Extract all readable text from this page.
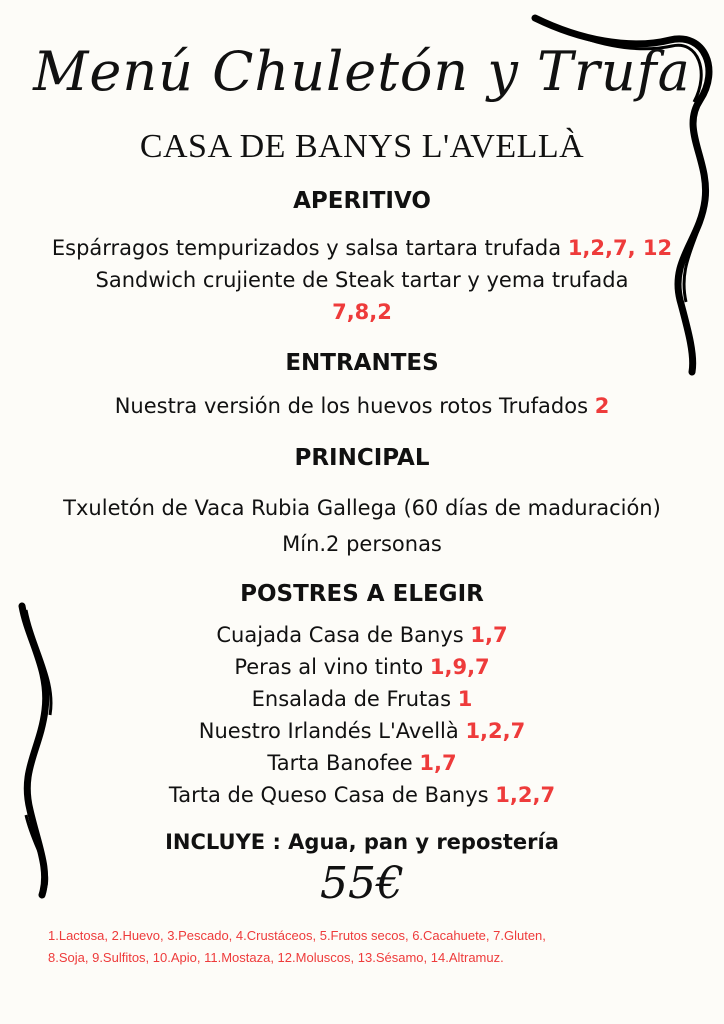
Menú Chuletón y Trufa
CASA DE BANYS L'AVELLÀ
APERITIVO
Espárragos tempurizados y salsa tartara trufada 1,2,7, 12
Sandwich crujiente de Steak tartar y yema trufada
7,8,2
ENTRANTES
Nuestra versión de los huevos rotos Trufados 2
PRINCIPAL
Txuletón de Vaca Rubia Gallega (60 días de maduración)
Mín.2 personas
POSTRES A ELEGIR
Cuajada Casa de Banys 1,7
Peras al vino tinto 1,9,7
Ensalada de Frutas 1
Nuestro Irlandés L'Avellà 1,2,7
Tarta Banofee 1,7
Tarta de Queso Casa de Banys 1,2,7
INCLUYE : Agua, pan y repostería
55€
1.Lactosa, 2.Huevo, 3.Pescado, 4.Crustáceos, 5.Frutos secos, 6.Cacahuete, 7.Gluten,
8.Soja, 9.Sulfitos, 10.Apio, 11.Mostaza, 12.Moluscos, 13.Sésamo, 14.Altramuz.
